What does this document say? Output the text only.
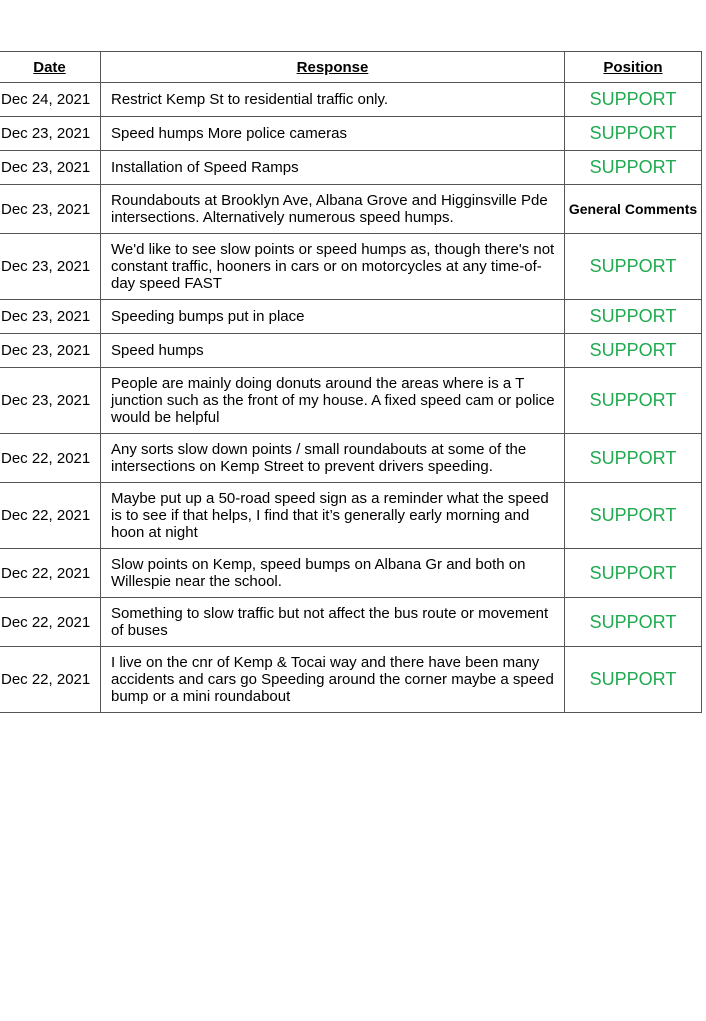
Date	Response	Position
Dec 24, 2021	Restrict Kemp St to residential traffic only.	SUPPORT
Dec 23, 2021	Speed humps More police cameras	SUPPORT
Dec 23, 2021	Installation of Speed Ramps	SUPPORT
Dec 23, 2021	Roundabouts at Brooklyn Ave, Albana Grove and Higginsville Pde intersections. Alternatively numerous speed humps.	General Comments
Dec 23, 2021	We'd like to see slow points or speed humps as, though there's not constant traffic, hooners in cars or on motorcycles at any time-of-day speed FAST	SUPPORT
Dec 23, 2021	Speeding bumps put in place	SUPPORT
Dec 23, 2021	Speed humps	SUPPORT
Dec 23, 2021	People are mainly doing donuts around the areas where is a T junction such as the front of my house. A fixed speed cam or police would be helpful	SUPPORT
Dec 22, 2021	Any sorts slow down points / small roundabouts at some of the intersections on Kemp Street to prevent drivers speeding.	SUPPORT
Dec 22, 2021	Maybe put up a 50-road speed sign as a reminder what the speed is to see if that helps, I find that it’s generally early morning and hoon at night	SUPPORT
Dec 22, 2021	Slow points on Kemp, speed bumps on Albana Gr and both on Willespie near the school.	SUPPORT
Dec 22, 2021	Something to slow traffic but not affect the bus route or movement of buses	SUPPORT
Dec 22, 2021	I live on the cnr of Kemp & Tocai way and there have been many accidents and cars go Speeding around the corner maybe a speed bump or a mini roundabout	SUPPORT
